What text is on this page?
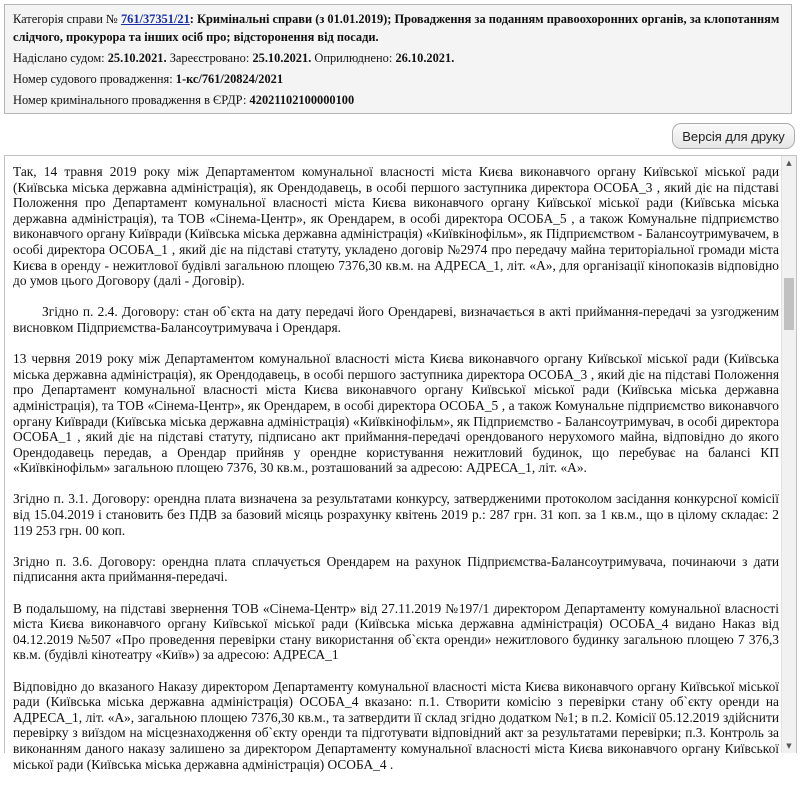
Категорія справи № 761/37351/21: Кримінальні справи (з 01.01.2019); Провадження за поданням правоохоронних органів, за клопотанням слідчого, прокурора та інших осіб про; відсторонення від посади.
Надіслано судом: 25.10.2021. Зареєстровано: 25.10.2021. Оприлюднено: 26.10.2021.
Номер судового провадження: 1-кс/761/20824/2021
Номер кримінального провадження в ЄРДР: 42021102100000100
Версія для друку

Так, 14 травня 2019 року між Департаментом комунальної власності міста Києва виконавчого органу Київської міської ради (Київська міська державна адміністрація), як Орендодавець, в особі першого заступника директора ОСОБА_3 , який діє на підставі Положення про Департамент комунальної власності міста Києва виконавчого органу Київської міської ради (Київська міська державна адміністрація), та ТОВ «Сінема-Центр», як Орендарем, в особі директора ОСОБА_5 , а також Комунальне підприємство виконавчого органу Київради (Київська міська державна адміністрація) «Київкінофільм», як Підприємством - Балансоутримувачем, в особі директора ОСОБА_1 , який діє на підставі статуту, укладено договір №2974 про передачу майна територіальної громади міста Києва в оренду - нежитлової будівлі загальною площею 7376,30 кв.м. на АДРЕСА_1, літ. «А», для організації кінопоказів відповідно до умов цього Договору (далі - Договір).

Згідно п. 2.4. Договору: стан об`єкта на дату передачі його Орендареві, визначається в акті приймання-передачі за узгодженим висновком Підприємства-Балансоутримувача і Орендаря.

13 червня 2019 року між Департаментом комунальної власності міста Києва виконавчого органу Київської міської ради (Київська міська державна адміністрація), як Орендодавець, в особі першого заступника директора ОСОБА_3 , який діє на підставі Положення про Департамент комунальної власності міста Києва виконавчого органу Київської міської ради (Київська міська державна адміністрація), та ТОВ «Сінема-Центр», як Орендарем, в особі директора ОСОБА_5 , а також Комунальне підприємство виконавчого органу Київради (Київська міська державна адміністрація) «Київкінофільм», як Підприємство - Балансоутримувач, в особі директора ОСОБА_1 , який діє на підставі статуту, підписано акт приймання-передачі орендованого нерухомого майна, відповідно до якого Орендодавець передав, а Орендар прийняв у орендне користування нежитловий будинок, що перебуває на балансі КП «Київкінофільм» загальною площею 7376, 30 кв.м., розташований за адресою: АДРЕСА_1, літ. «А».

Згідно п. 3.1. Договору: орендна плата визначена за результатами конкурсу, затвердженими протоколом засідання конкурсної комісії від 15.04.2019 і становить без ПДВ за базовий місяць розрахунку квітень 2019 р.: 287 грн. 31 коп. за 1 кв.м., що в цілому складає: 2 119 253 грн. 00 коп.

Згідно п. 3.6. Договору: орендна плата сплачується Орендарем на рахунок Підприємства-Балансоутримувача, починаючи з дати підписання акта приймання-передачі.

В подальшому, на підставі звернення ТОВ «Сінема-Центр» від 27.11.2019 №197/1 директором Департаменту комунальної власності міста Києва виконавчого органу Київської міської ради (Київська міська державна адміністрація) ОСОБА_4 видано Наказ від 04.12.2019 №507 «Про проведення перевірки стану використання об`єкта оренди» нежитлового будинку загальною площею 7 376,3 кв.м. (будівлі кінотеатру «Київ») за адресою: АДРЕСА_1

Відповідно до вказаного Наказу директором Департаменту комунальної власності міста Києва виконавчого органу Київської міської ради (Київська міська державна адміністрація) ОСОБА_4 вказано: п.1. Створити комісію з перевірки стану об`єкту оренди на АДРЕСА_1, літ. «А», загальною площею 7376,30 кв.м., та затвердити її склад згідно додатком №1; в п.2. Комісії 05.12.2019 здійснити перевірку з виїздом на місцезнаходження об`єкту оренди та підготувати відповідний акт за результатами перевірки; п.3. Контроль за виконанням даного наказу залишено за директором Департаменту комунальної власності міста Києва виконавчого органу Київської міської ради (Київська міська державна адміністрація) ОСОБА_4 .

▲
▼
